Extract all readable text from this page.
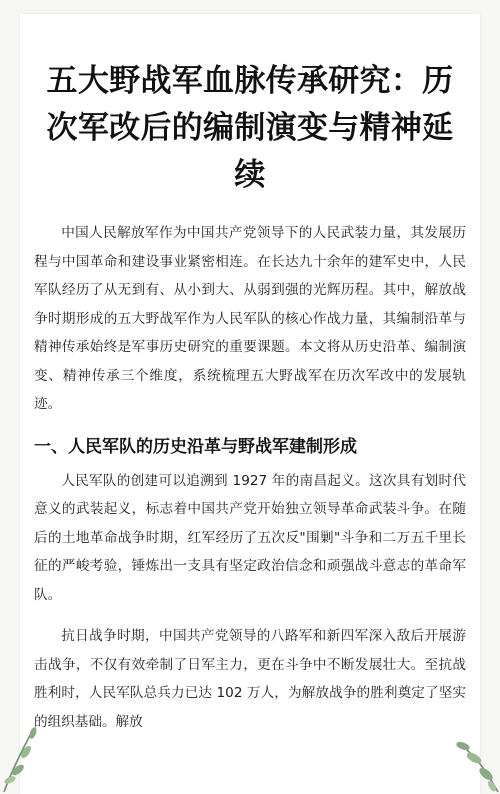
五大野战军血脉传承研究：历次军改后的编制演变与精神延续

中国人民解放军作为中国共产党领导下的人民武装力量，其发展历程与中国革命和建设事业紧密相连。在长达九十余年的建军史中，人民军队经历了从无到有、从小到大、从弱到强的光辉历程。其中，解放战争时期形成的五大野战军作为人民军队的核心作战力量，其编制沿革与精神传承始终是军事历史研究的重要课题。本文将从历史沿革、编制演变、精神传承三个维度，系统梳理五大野战军在历次军改中的发展轨迹。

一、人民军队的历史沿革与野战军建制形成

人民军队的创建可以追溯到 1927 年的南昌起义。这次具有划时代意义的武装起义，标志着中国共产党开始独立领导革命武装斗争。在随后的土地革命战争时期，红军经历了五次反"围剿"斗争和二万五千里长征的严峻考验，锤炼出一支具有坚定政治信念和顽强战斗意志的革命军队。

抗日战争时期，中国共产党领导的八路军和新四军深入敌后开展游击战争，不仅有效牵制了日军主力，更在斗争中不断发展壮大。至抗战胜利时，人民军队总兵力已达 102 万人，为解放战争的胜利奠定了坚实的组织基础。解放
